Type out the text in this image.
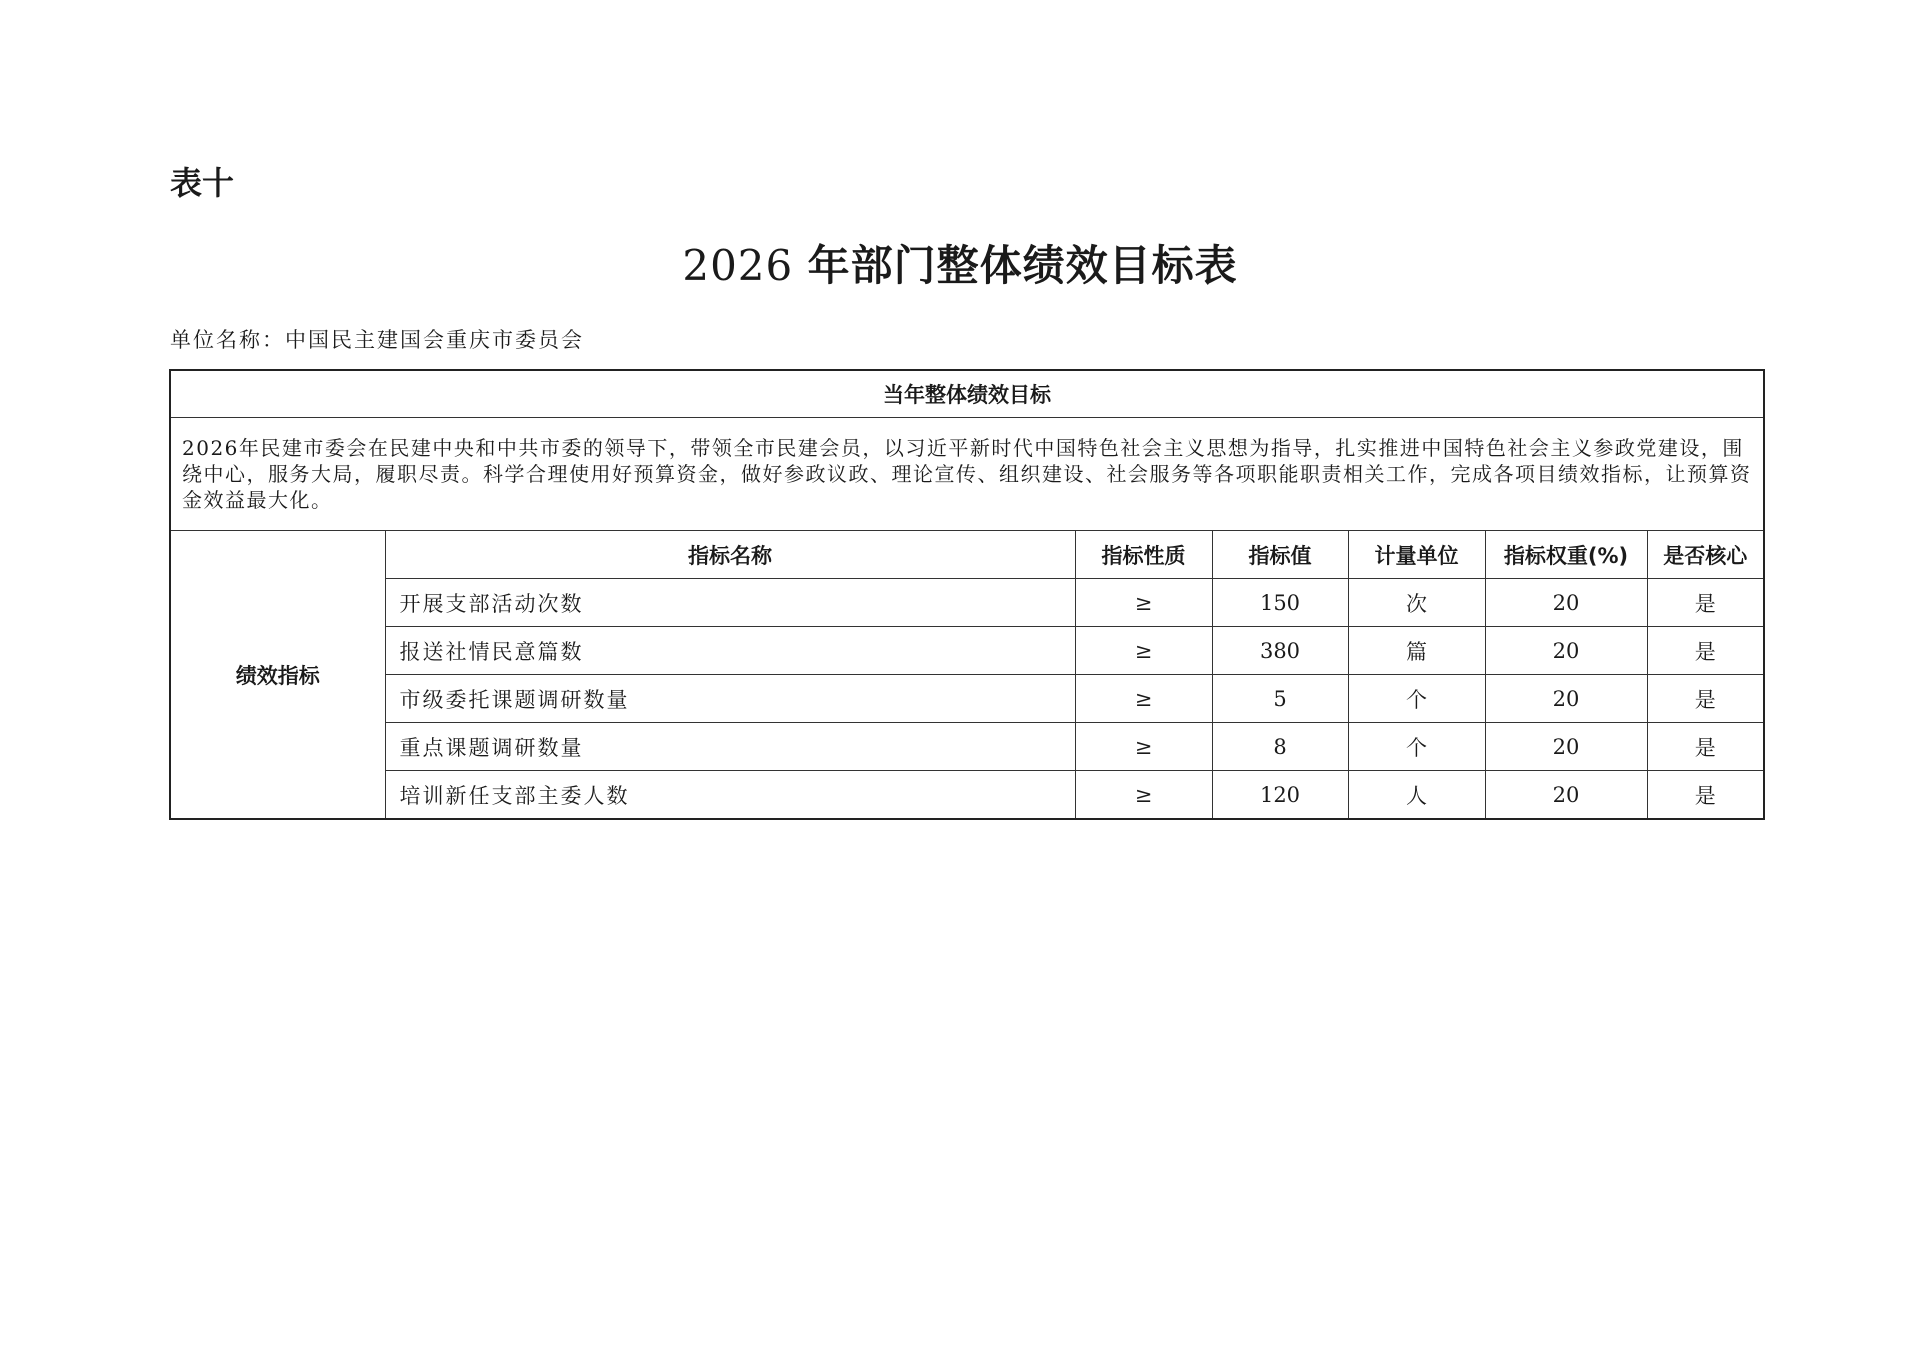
表十
2026 年部门整体绩效目标表
单位名称：中国民主建国会重庆市委员会
当年整体绩效目标						
2026年民建市委会在民建中央和中共市委的领导下，带领全市民建会员，以习近平新时代中国特色社会主义思想为指导，扎实推进中国特色社会主义参政党建设，围绕中心，服务大局，履职尽责。科学合理使用好预算资金，做好参政议政、理论宣传、组织建设、社会服务等各项职能职责相关工作，完成各项目绩效指标，让预算资金效益最大化。						
绩效指标	指标名称	指标性质	指标值	计量单位	指标权重(%)	是否核心
	开展支部活动次数	≥	150	次	20	是
	报送社情民意篇数	≥	380	篇	20	是
	市级委托课题调研数量	≥	5	个	20	是
	重点课题调研数量	≥	8	个	20	是
	培训新任支部主委人数	≥	120	人	20	是
